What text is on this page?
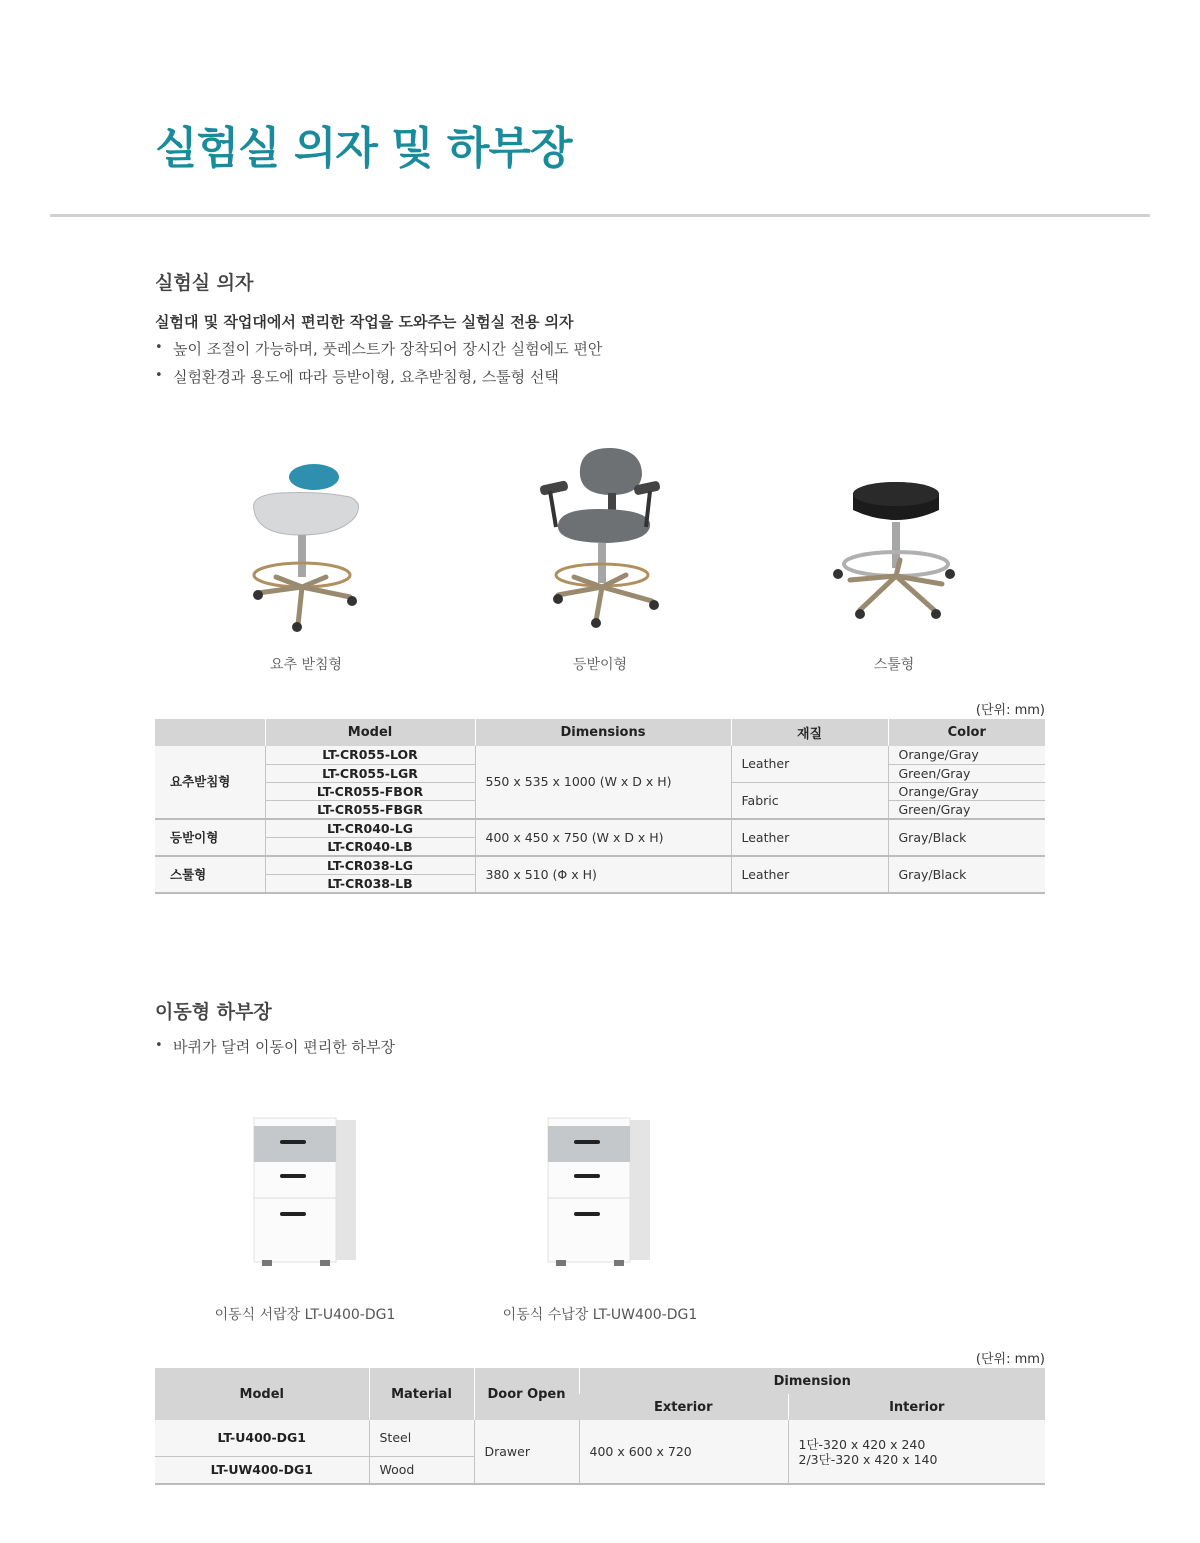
실험실 의자 및 하부장
실험실 의자
실험대 및 작업대에서 편리한 작업을 도와주는 실험실 전용 의자
• 높이 조절이 가능하며, 풋레스트가 장착되어 장시간 실험에도 편안
• 실험환경과 용도에 따라 등받이형, 요추받침형, 스툴형 선택
요추 받침형	등받이형	스툴형
(단위: mm)
	Model	Dimensions	재질	Color
요추받침형	LT-CR055-LOR	550 x 535 x 1000 (W x D x H)	Leather	Orange/Gray
	LT-CR055-LGR			Green/Gray
	LT-CR055-FBOR		Fabric	Orange/Gray
	LT-CR055-FBGR			Green/Gray
등받이형	LT-CR040-LG	400 x 450 x 750 (W x D x H)	Leather	Gray/Black
	LT-CR040-LB			
스툴형	LT-CR038-LG	380 x 510 (Φ x H)	Leather	Gray/Black
	LT-CR038-LB			
이동형 하부장
• 바퀴가 달려 이동이 편리한 하부장
이동식 서랍장 LT-U400-DG1	이동식 수납장 LT-UW400-DG1
(단위: mm)
Model	Material	Door Open	Dimension	
			Exterior	Interior
LT-U400-DG1	Steel	Drawer	400 x 600 x 720	1단-320 x 420 x 240
2/3단-320 x 420 x 140

LT-UW400-DG1	Wood			
